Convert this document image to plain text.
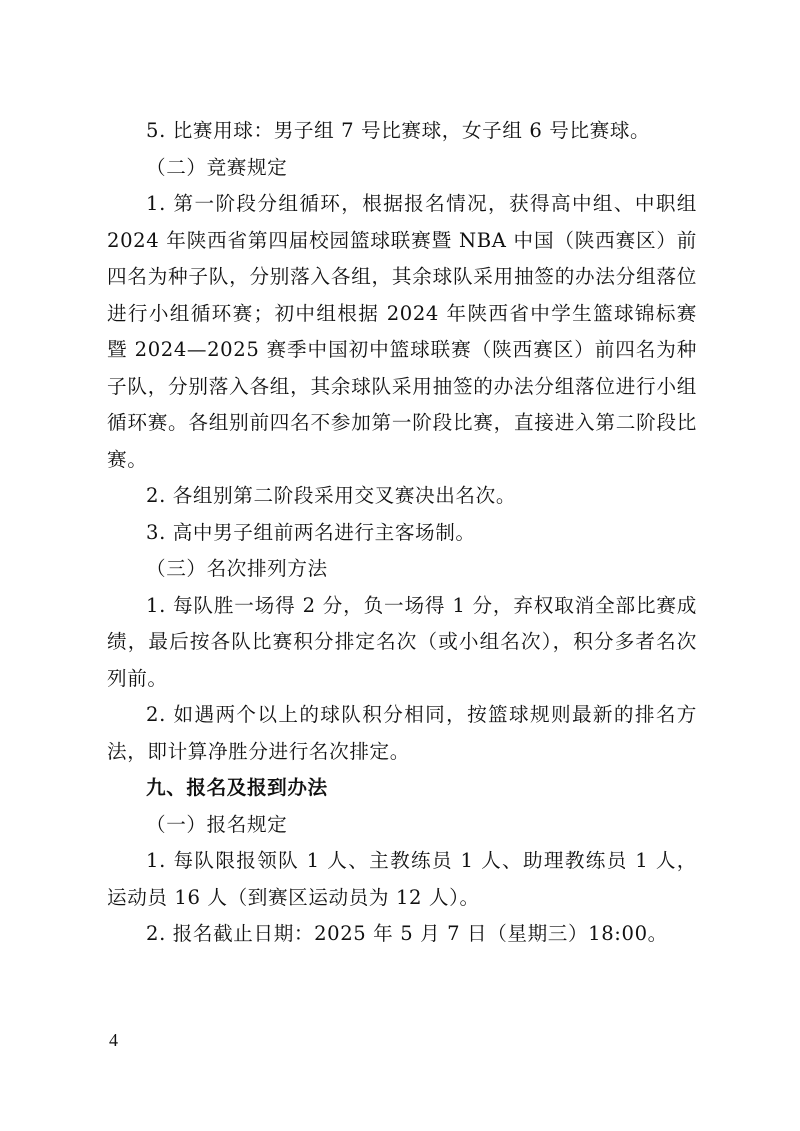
5. 比赛用球：男子组 7 号比赛球，女子组 6 号比赛球。

（二）竞赛规定

1. 第一阶段分组循环，根据报名情况，获得高中组、中职组 2024 年陕西省第四届校园篮球联赛暨 NBA 中国（陕西赛区）前四名为种子队，分别落入各组，其余球队采用抽签的办法分组落位进行小组循环赛；初中组根据 2024 年陕西省中学生篮球锦标赛暨 2024—2025 赛季中国初中篮球联赛（陕西赛区）前四名为种子队，分别落入各组，其余球队采用抽签的办法分组落位进行小组循环赛。各组别前四名不参加第一阶段比赛，直接进入第二阶段比赛。

2. 各组别第二阶段采用交叉赛决出名次。

3. 高中男子组前两名进行主客场制。

（三）名次排列方法

1. 每队胜一场得 2 分，负一场得 1 分，弃权取消全部比赛成绩，最后按各队比赛积分排定名次（或小组名次），积分多者名次列前。

2. 如遇两个以上的球队积分相同，按篮球规则最新的排名方法，即计算净胜分进行名次排定。

九、报名及报到办法

（一）报名规定

1. 每队限报领队 1 人、主教练员 1 人、助理教练员 1 人，运动员 16 人（到赛区运动员为 12 人）。

2. 报名截止日期：2025 年 5 月 7 日（星期三）18:00。

4
